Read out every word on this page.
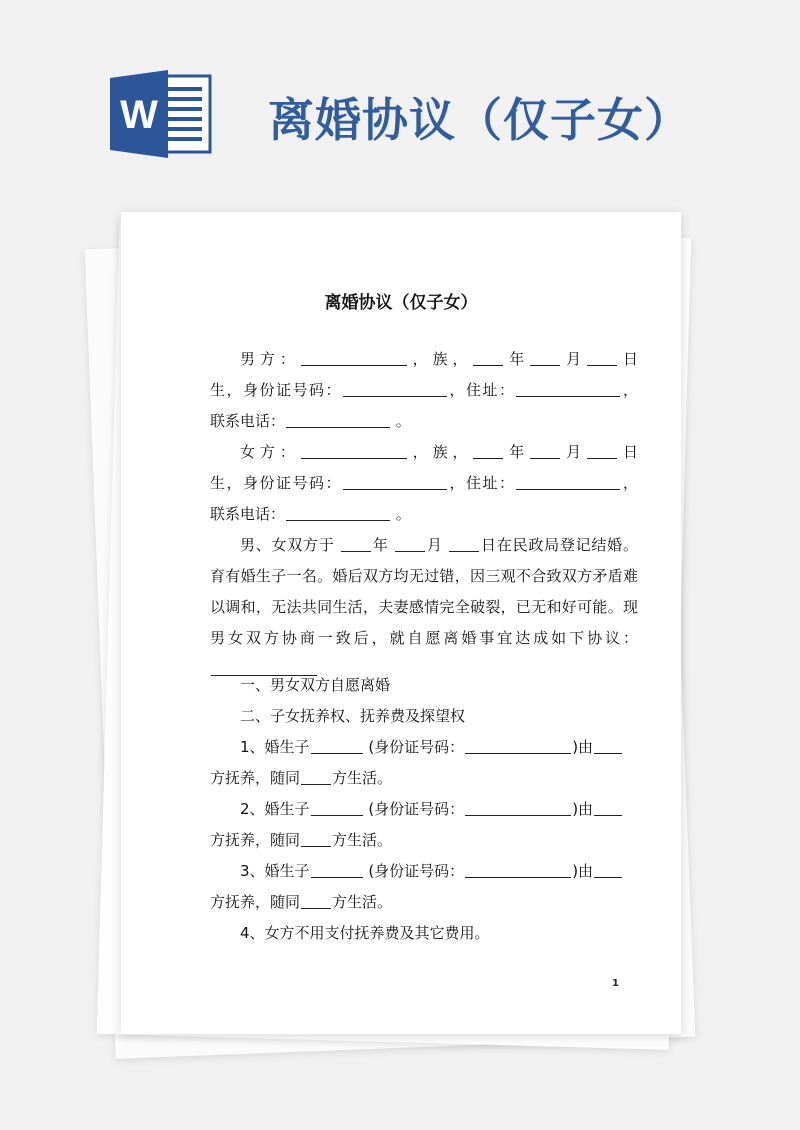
W 离婚协议（仅子女）
离婚协议（仅子女）

男方：	，族， 年 月 日

生，身份证号码：	，住址：	，

联系电话：	。

女方：	，族， 年 月 日

生，身份证号码：	，住址：	，

联系电话：	。

男、女双方于	年	月	日在民政局登记结婚。

育有婚生子一名。婚后双方均无过错，因三观不合致双方矛盾难

以调和，无法共同生活，夫妻感情完全破裂，已无和好可能。现

男女双方协商一致后，就自愿离婚事宜达成如下协议：

一、男女双方自愿离婚

二、子女抚养权、抚养费及探望权

1、婚生子	(身份证号码：	)由

方抚养，随同 方生活。

2、婚生子	(身份证号码：	)由

方抚养，随同 方生活。

3、婚生子	(身份证号码：	)由

方抚养，随同 方生活。

4、女方不用支付抚养费及其它费用。

1
⠀⠀⠀⠀⠀
